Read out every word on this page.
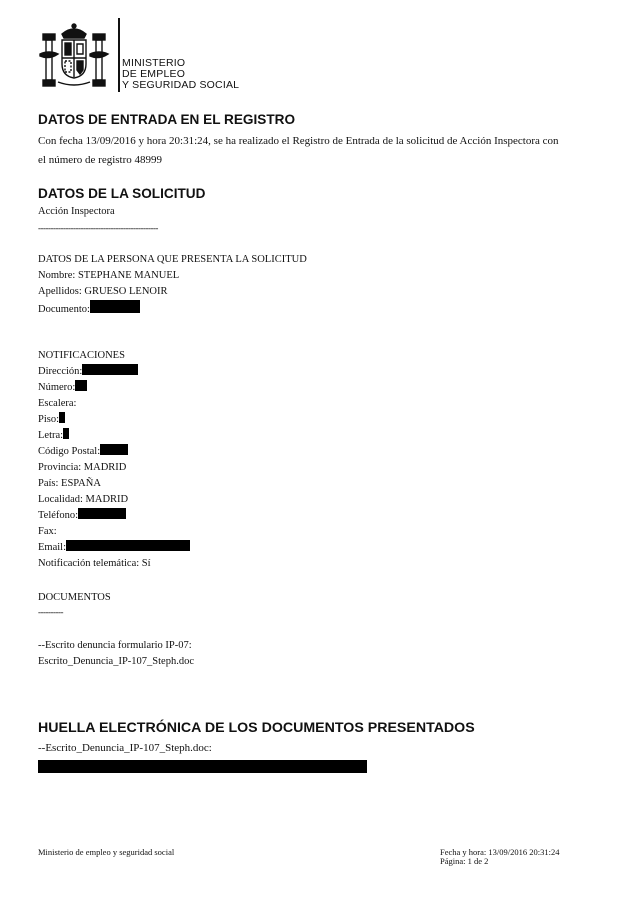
MINISTERIO
DE EMPLEO
Y SEGURIDAD SOCIAL
DATOS DE ENTRADA EN EL REGISTRO
Con fecha 13/09/2016 y hora 20:31:24, se ha realizado el Registro de Entrada de la solicitud de Acción Inspectora con
el número de registro 48999
DATOS DE LA SOLICITUD
Acción Inspectora
------------------------------------------------
DATOS DE LA PERSONA QUE PRESENTA LA SOLICITUD
Nombre: STEPHANE MANUEL
Apellidos: GRUESO LENOIR
Documento:
NOTIFICACIONES
Dirección:
Número:
Escalera:
Piso:
Letra:
Código Postal:
Provincia: MADRID
País: ESPAÑA
Localidad: MADRID
Teléfono:
Fax:
Email:
Notificación telemática: Sí
DOCUMENTOS
----------
--Escrito denuncia formulario IP-07:
Escrito_Denuncia_IP-107_Steph.doc
HUELLA ELECTRÓNICA DE LOS DOCUMENTOS PRESENTADOS
--Escrito_Denuncia_IP-107_Steph.doc:
Ministerio de empleo y seguridad social	Fecha y hora: 13/09/2016 20:31:24
Página: 1 de 2
